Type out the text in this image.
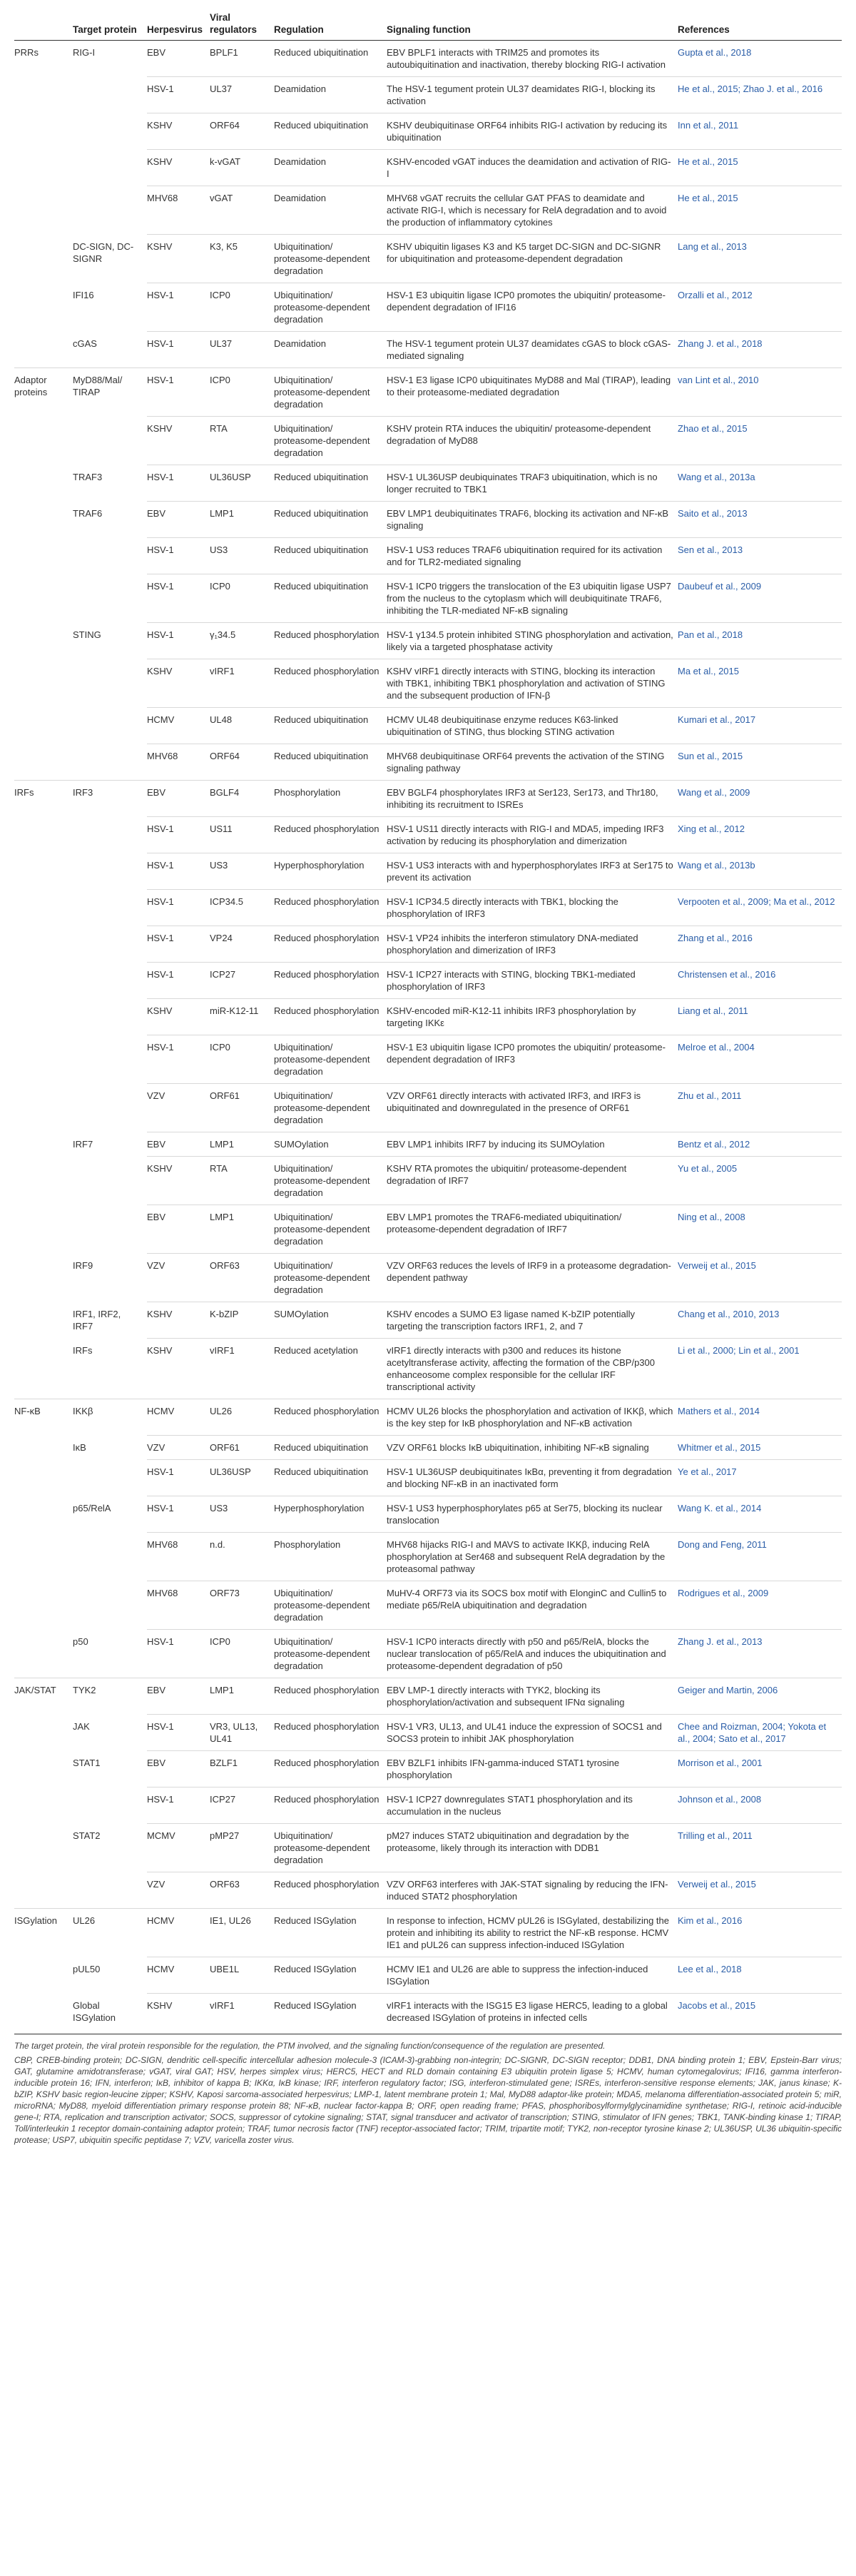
	Target protein	Herpesvirus	Viral regulators	Regulation	Signaling function	References
PRRs	RIG-I	EBV	BPLF1	Reduced ubiquitination	EBV BPLF1 interacts with TRIM25 and promotes its autoubiquitination and inactivation, thereby blocking RIG-I activation	Gupta et al., 2018
		HSV-1	UL37	Deamidation	The HSV-1 tegument protein UL37 deamidates RIG-I, blocking its activation	He et al., 2015; Zhao J. et al., 2016
		KSHV	ORF64	Reduced ubiquitination	KSHV deubiquitinase ORF64 inhibits RIG-I activation by reducing its ubiquitination	Inn et al., 2011
		KSHV	k-vGAT	Deamidation	KSHV-encoded vGAT induces the deamidation and activation of RIG-I	He et al., 2015
		MHV68	vGAT	Deamidation	MHV68 vGAT recruits the cellular GAT PFAS to deamidate and activate RIG-I, which is necessary for RelA degradation and to avoid the production of inflammatory cytokines	He et al., 2015
	DC-SIGN, DC-SIGNR	KSHV	K3, K5	Ubiquitination/ proteasome-dependent degradation	KSHV ubiquitin ligases K3 and K5 target DC-SIGN and DC-SIGNR for ubiquitination and proteasome-dependent degradation	Lang et al., 2013
	IFI16	HSV-1	ICP0	Ubiquitination/ proteasome-dependent degradation	HSV-1 E3 ubiquitin ligase ICP0 promotes the ubiquitin/ proteasome-dependent degradation of IFI16	Orzalli et al., 2012
	cGAS	HSV-1	UL37	Deamidation	The HSV-1 tegument protein UL37 deamidates cGAS to block cGAS-mediated signaling	Zhang J. et al., 2018
Adaptor proteins	MyD88/Mal/ TIRAP	HSV-1	ICP0	Ubiquitination/ proteasome-dependent degradation	HSV-1 E3 ligase ICP0 ubiquitinates MyD88 and Mal (TIRAP), leading to their proteasome-mediated degradation	van Lint et al., 2010
		KSHV	RTA	Ubiquitination/ proteasome-dependent degradation	KSHV protein RTA induces the ubiquitin/ proteasome-dependent degradation of MyD88	Zhao et al., 2015
	TRAF3	HSV-1	UL36USP	Reduced ubiquitination	HSV-1 UL36USP deubiquinates TRAF3 ubiquitination, which is no longer recruited to TBK1	Wang et al., 2013a
	TRAF6	EBV	LMP1	Reduced ubiquitination	EBV LMP1 deubiquitinates TRAF6, blocking its activation and NF-κB signaling	Saito et al., 2013
		HSV-1	US3	Reduced ubiquitination	HSV-1 US3 reduces TRAF6 ubiquitination required for its activation and for TLR2-mediated signaling	Sen et al., 2013
		HSV-1	ICP0	Reduced ubiquitination	HSV-1 ICP0 triggers the translocation of the E3 ubiquitin ligase USP7 from the nucleus to the cytoplasm which will deubiquitinate TRAF6, inhibiting the TLR-mediated NF-κB signaling	Daubeuf et al., 2009
	STING	HSV-1	γ₁34.5	Reduced phosphorylation	HSV-1 γ134.5 protein inhibited STING phosphorylation and activation, likely via a targeted phosphatase activity	Pan et al., 2018
		KSHV	vIRF1	Reduced phosphorylation	KSHV vIRF1 directly interacts with STING, blocking its interaction with TBK1, inhibiting TBK1 phosphorylation and activation of STING and the subsequent production of IFN-β	Ma et al., 2015
		HCMV	UL48	Reduced ubiquitination	HCMV UL48 deubiquitinase enzyme reduces K63-linked ubiquitination of STING, thus blocking STING activation	Kumari et al., 2017
		MHV68	ORF64	Reduced ubiquitination	MHV68 deubiquitinase ORF64 prevents the activation of the STING signaling pathway	Sun et al., 2015
IRFs	IRF3	EBV	BGLF4	Phosphorylation	EBV BGLF4 phosphorylates IRF3 at Ser123, Ser173, and Thr180, inhibiting its recruitment to ISREs	Wang et al., 2009
		HSV-1	US11	Reduced phosphorylation	HSV-1 US11 directly interacts with RIG-I and MDA5, impeding IRF3 activation by reducing its phosphorylation and dimerization	Xing et al., 2012
		HSV-1	US3	Hyperphosphorylation	HSV-1 US3 interacts with and hyperphosphorylates IRF3 at Ser175 to prevent its activation	Wang et al., 2013b
		HSV-1	ICP34.5	Reduced phosphorylation	HSV-1 ICP34.5 directly interacts with TBK1, blocking the phosphorylation of IRF3	Verpooten et al., 2009; Ma et al., 2012
		HSV-1	VP24	Reduced phosphorylation	HSV-1 VP24 inhibits the interferon stimulatory DNA-mediated phosphorylation and dimerization of IRF3	Zhang et al., 2016
		HSV-1	ICP27	Reduced phosphorylation	HSV-1 ICP27 interacts with STING, blocking TBK1-mediated phosphorylation of IRF3	Christensen et al., 2016
		KSHV	miR-K12-11	Reduced phosphorylation	KSHV-encoded miR-K12-11 inhibits IRF3 phosphorylation by targeting IKKε	Liang et al., 2011
		HSV-1	ICP0	Ubiquitination/ proteasome-dependent degradation	HSV-1 E3 ubiquitin ligase ICP0 promotes the ubiquitin/ proteasome-dependent degradation of IRF3	Melroe et al., 2004
		VZV	ORF61	Ubiquitination/ proteasome-dependent degradation	VZV ORF61 directly interacts with activated IRF3, and IRF3 is ubiquitinated and downregulated in the presence of ORF61	Zhu et al., 2011
	IRF7	EBV	LMP1	SUMOylation	EBV LMP1 inhibits IRF7 by inducing its SUMOylation	Bentz et al., 2012
		KSHV	RTA	Ubiquitination/ proteasome-dependent degradation	KSHV RTA promotes the ubiquitin/ proteasome-dependent degradation of IRF7	Yu et al., 2005
		EBV	LMP1	Ubiquitination/ proteasome-dependent degradation	EBV LMP1 promotes the TRAF6-mediated ubiquitination/ proteasome-dependent degradation of IRF7	Ning et al., 2008
	IRF9	VZV	ORF63	Ubiquitination/ proteasome-dependent degradation	VZV ORF63 reduces the levels of IRF9 in a proteasome degradation-dependent pathway	Verweij et al., 2015
	IRF1, IRF2, IRF7	KSHV	K-bZIP	SUMOylation	KSHV encodes a SUMO E3 ligase named K-bZIP potentially targeting the transcription factors IRF1, 2, and 7	Chang et al., 2010, 2013
	IRFs	KSHV	vIRF1	Reduced acetylation	vIRF1 directly interacts with p300 and reduces its histone acetyltransferase activity, affecting the formation of the CBP/p300 enhanceosome complex responsible for the cellular IRF transcriptional activity	Li et al., 2000; Lin et al., 2001
NF-κB	IKKβ	HCMV	UL26	Reduced phosphorylation	HCMV UL26 blocks the phosphorylation and activation of IKKβ, which is the key step for IκB phosphorylation and NF-κB activation	Mathers et al., 2014
	IκB	VZV	ORF61	Reduced ubiquitination	VZV ORF61 blocks IκB ubiquitination, inhibiting NF-κB signaling	Whitmer et al., 2015
		HSV-1	UL36USP	Reduced ubiquitination	HSV-1 UL36USP deubiquitinates IκBα, preventing it from degradation and blocking NF-κB in an inactivated form	Ye et al., 2017
	p65/RelA	HSV-1	US3	Hyperphosphorylation	HSV-1 US3 hyperphosphorylates p65 at Ser75, blocking its nuclear translocation	Wang K. et al., 2014
		MHV68	n.d.	Phosphorylation	MHV68 hijacks RIG-I and MAVS to activate IKKβ, inducing RelA phosphorylation at Ser468 and subsequent RelA degradation by the proteasomal pathway	Dong and Feng, 2011
		MHV68	ORF73	Ubiquitination/ proteasome-dependent degradation	MuHV-4 ORF73 via its SOCS box motif with ElonginC and Cullin5 to mediate p65/RelA ubiquitination and degradation	Rodrigues et al., 2009
	p50	HSV-1	ICP0	Ubiquitination/ proteasome-dependent degradation	HSV-1 ICP0 interacts directly with p50 and p65/RelA, blocks the nuclear translocation of p65/RelA and induces the ubiquitination and proteasome-dependent degradation of p50	Zhang J. et al., 2013
JAK/STAT	TYK2	EBV	LMP1	Reduced phosphorylation	EBV LMP-1 directly interacts with TYK2, blocking its phosphorylation/activation and subsequent IFNα signaling	Geiger and Martin, 2006
	JAK	HSV-1	VR3, UL13, UL41	Reduced phosphorylation	HSV-1 VR3, UL13, and UL41 induce the expression of SOCS1 and SOCS3 protein to inhibit JAK phosphorylation	Chee and Roizman, 2004; Yokota et al., 2004; Sato et al., 2017
	STAT1	EBV	BZLF1	Reduced phosphorylation	EBV BZLF1 inhibits IFN-gamma-induced STAT1 tyrosine phosphorylation	Morrison et al., 2001
		HSV-1	ICP27	Reduced phosphorylation	HSV-1 ICP27 downregulates STAT1 phosphorylation and its accumulation in the nucleus	Johnson et al., 2008
	STAT2	MCMV	pMP27	Ubiquitination/ proteasome-dependent degradation	pM27 induces STAT2 ubiquitination and degradation by the proteasome, likely through its interaction with DDB1	Trilling et al., 2011
		VZV	ORF63	Reduced phosphorylation	VZV ORF63 interferes with JAK-STAT signaling by reducing the IFN-induced STAT2 phosphorylation	Verweij et al., 2015
ISGylation	UL26	HCMV	IE1, UL26	Reduced ISGylation	In response to infection, HCMV pUL26 is ISGylated, destabilizing the protein and inhibiting its ability to restrict the NF-κB response. HCMV IE1 and pUL26 can suppress infection-induced ISGylation	Kim et al., 2016
	pUL50	HCMV	UBE1L	Reduced ISGylation	HCMV IE1 and UL26 are able to suppress the infection-induced ISGylation	Lee et al., 2018
	Global ISGylation	KSHV	vIRF1	Reduced ISGylation	vIRF1 interacts with the ISG15 E3 ligase HERC5, leading to a global decreased ISGylation of proteins in infected cells	Jacobs et al., 2015

The target protein, the viral protein responsible for the regulation, the PTM involved, and the signaling function/consequence of the regulation are presented.

CBP, CREB-binding protein; DC-SIGN, dendritic cell-specific intercellular adhesion molecule-3 (ICAM-3)-grabbing non-integrin; DC-SIGNR, DC-SIGN receptor; DDB1, DNA binding protein 1; EBV, Epstein-Barr virus; GAT, glutamine amidotransferase; vGAT, viral GAT; HSV, herpes simplex virus; HERC5, HECT and RLD domain containing E3 ubiquitin protein ligase 5; HCMV, human cytomegalovirus; IFI16, gamma interferon-inducible protein 16; IFN, interferon; IκB, inhibitor of kappa B; IKKα, IκB kinase; IRF, interferon regulatory factor; ISG, interferon-stimulated gene; ISREs, interferon-sensitive response elements; JAK, janus kinase; K-bZIP, KSHV basic region-leucine zipper; KSHV, Kaposi sarcoma-associated herpesvirus; LMP-1, latent membrane protein 1; Mal, MyD88 adaptor-like protein; MDA5, melanoma differentiation-associated protein 5; miR, microRNA; MyD88, myeloid differentiation primary response protein 88; NF-κB, nuclear factor-kappa B; ORF, open reading frame; PFAS, phosphoribosylformylglycinamidine synthetase; RIG-I, retinoic acid-inducible gene-I; RTA, replication and transcription activator; SOCS, suppressor of cytokine signaling; STAT, signal transducer and activator of transcription; STING, stimulator of IFN genes; TBK1, TANK-binding kinase 1; TIRAP, Toll/interleukin 1 receptor domain-containing adaptor protein; TRAF, tumor necrosis factor (TNF) receptor-associated factor; TRIM, tripartite motif; TYK2, non-receptor tyrosine kinase 2; UL36USP, UL36 ubiquitin-specific protease; USP7, ubiquitin specific peptidase 7; VZV, varicella zoster virus.
